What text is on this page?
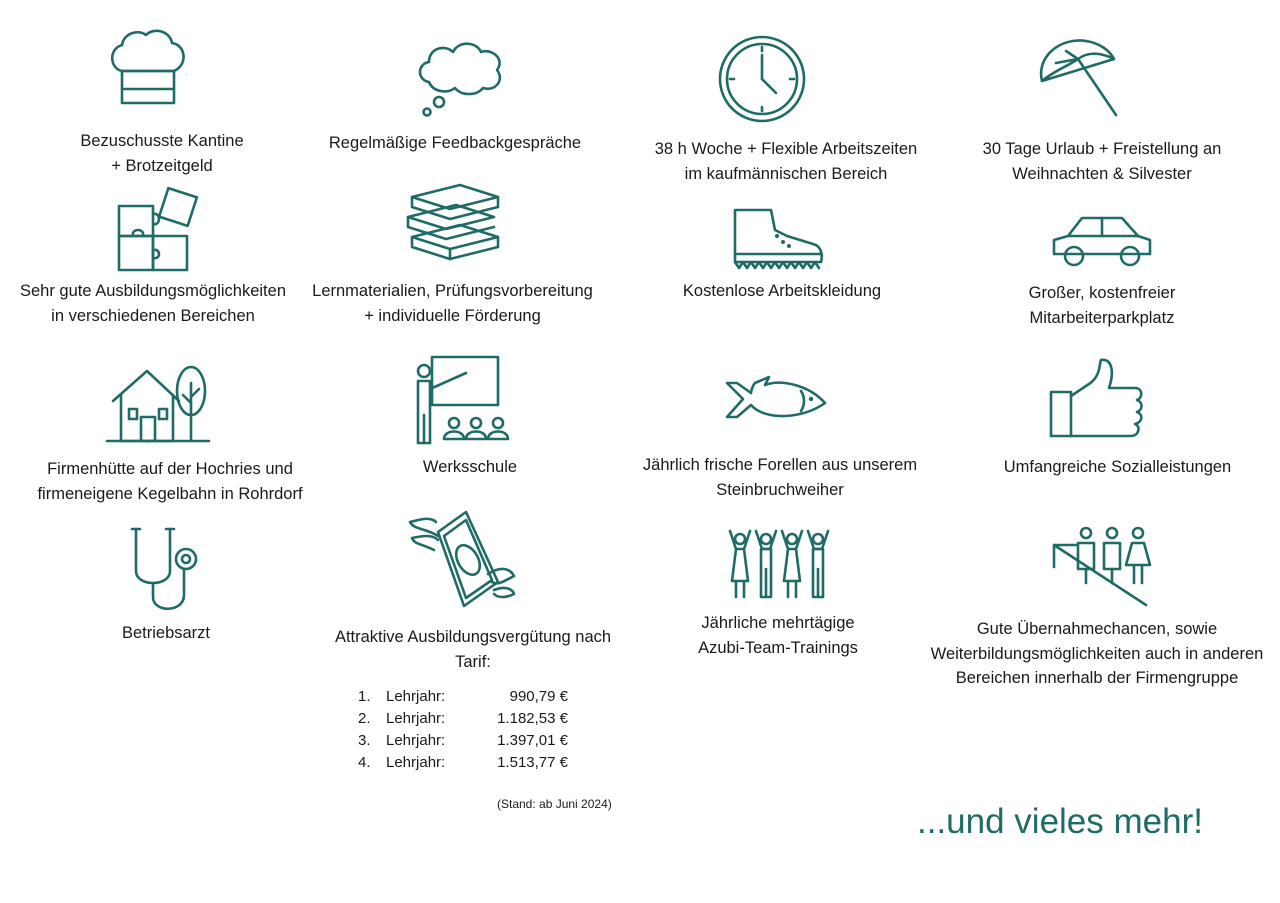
Bezuschusste Kantine
+ Brotzeitgeld
Regelmäßige Feedbackgespräche	38 h Woche + Flexible Arbeitszeiten
im kaufmännischen Bereich
30 Tage Urlaub + Freistellung an
Weihnachten & Silvester
Sehr gute Ausbildungsmöglichkeiten
in verschiedenen Bereichen
Lernmaterialien, Prüfungsvorbereitung
+ individuelle Förderung
Kostenlose Arbeitskleidung	Großer, kostenfreier
Mitarbeiterparkplatz
Firmenhütte auf der Hochries und
firmeneigene Kegelbahn in Rohrdorf
Werksschule	Jährlich frische Forellen aus unserem
Steinbruchweiher
Umfangreiche Sozialleistungen
Betriebsarzt	Attraktive Ausbildungsvergütung nach
Tarif:
1. Lehrjahr:	990,79 €
2. Lehrjahr:	1.182,53 €
3. Lehrjahr:	1.397,01 €
4. Lehrjahr:	1.513,77 €
(Stand: ab Juni 2024)
Jährliche mehrtägige
Azubi-Team-Trainings
Gute Übernahmechancen, sowie
Weiterbildungsmöglichkeiten auch in anderen
Bereichen innerhalb der Firmengruppe
...und vieles mehr!
